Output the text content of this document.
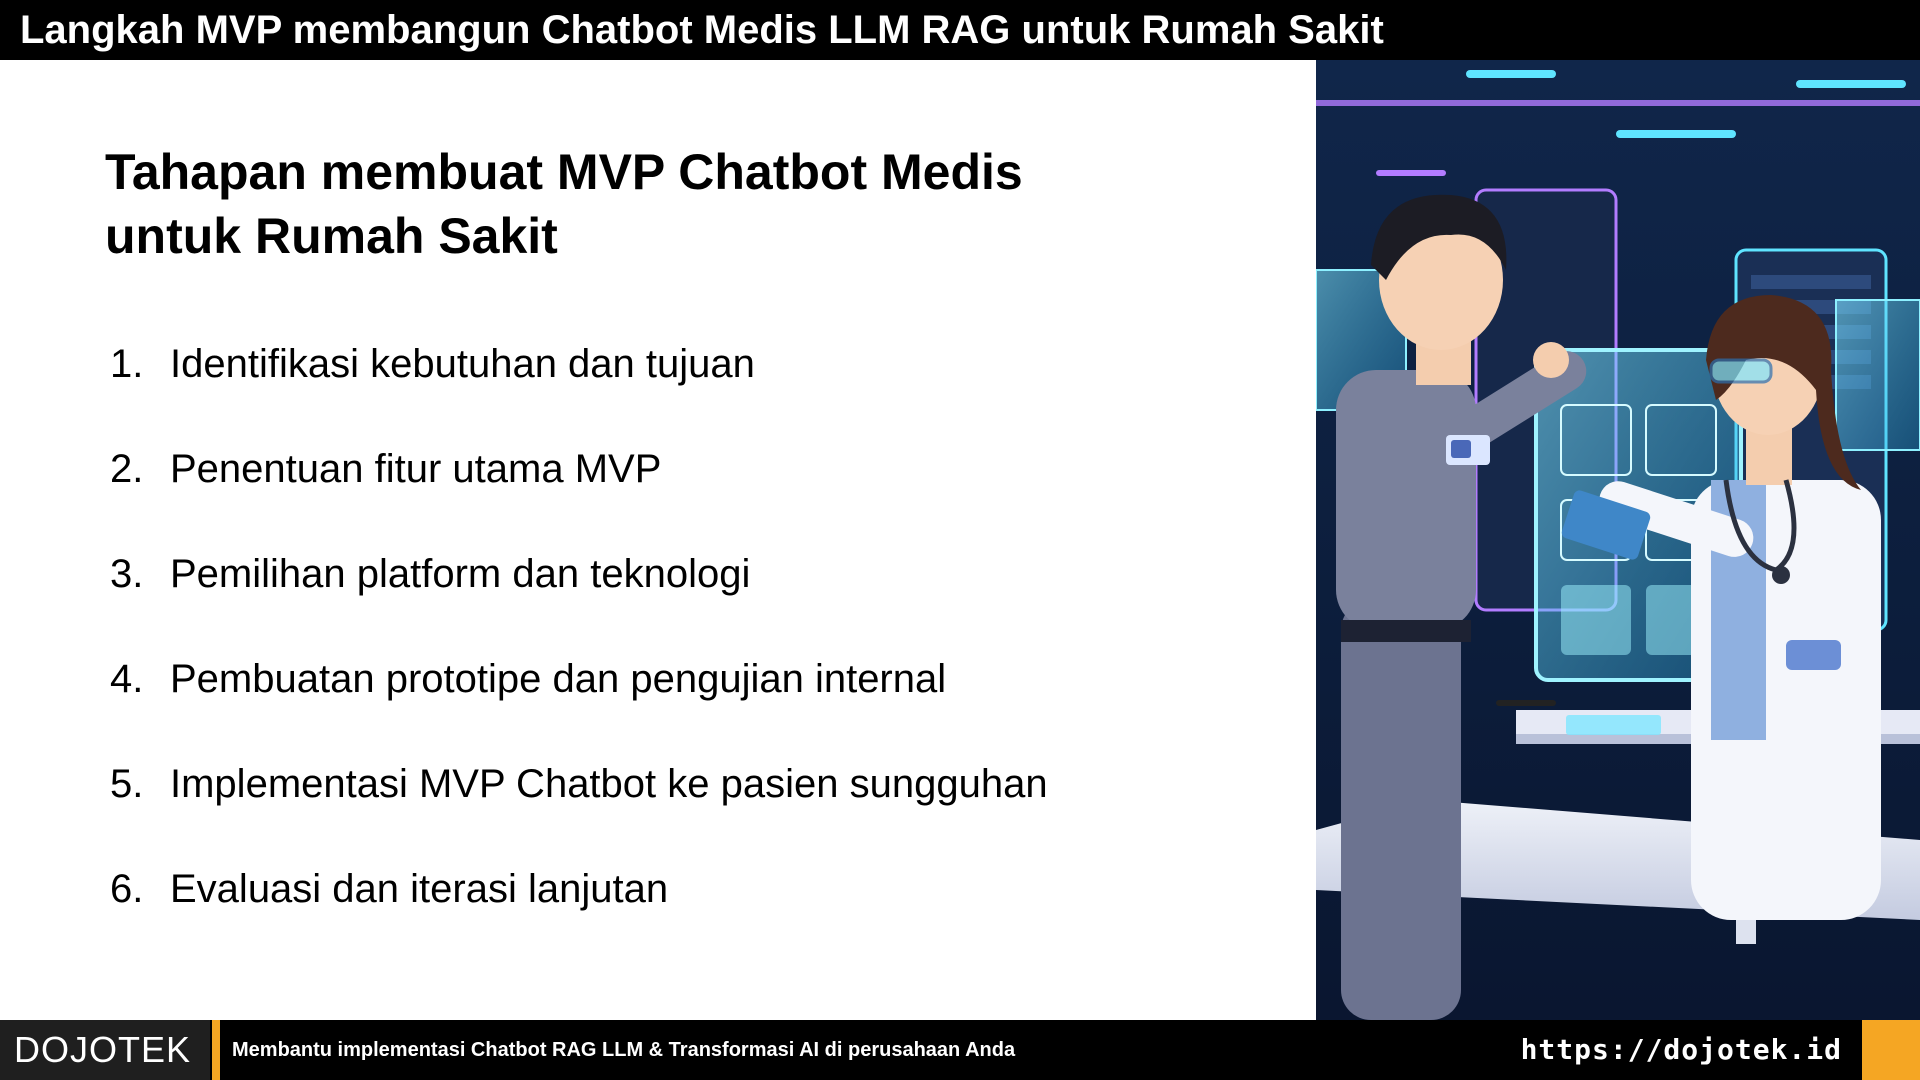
Langkah MVP membangun Chatbot Medis LLM RAG untuk Rumah Sakit
Tahapan membuat MVP Chatbot Medis
untuk Rumah Sakit
1. Identifikasi kebutuhan dan tujuan
2. Penentuan fitur utama MVP
3. Pemilihan platform dan teknologi
4. Pembuatan prototipe dan pengujian internal
5. Implementasi MVP Chatbot ke pasien sungguhan
6. Evaluasi dan iterasi lanjutan
DOJOTEK	Membantu implementasi Chatbot RAG LLM & Transformasi AI di perusahaan Anda	https://dojotek.id
